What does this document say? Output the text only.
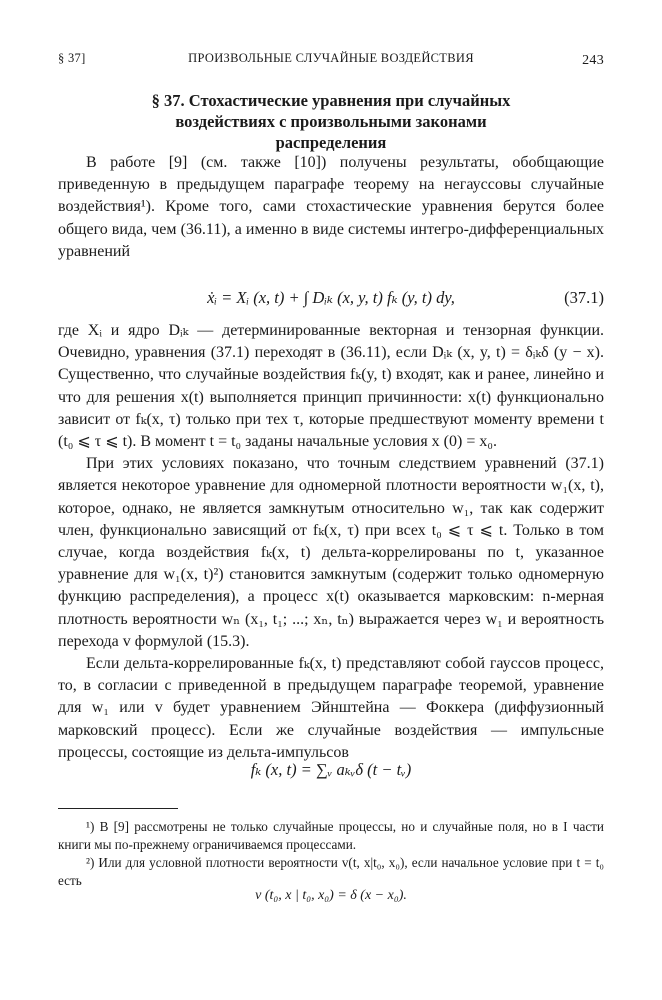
§ 37]	ПРОИЗВОЛЬНЫЕ СЛУЧАЙНЫЕ ВОЗДЕЙСТВИЯ	243
§ 37. Стохастические уравнения при случайных
воздействиях с произвольными законами
распределения

В работе [9] (см. также [10]) получены результаты, обобщающие приведенную в предыдущем параграфе теорему на негауссовы случайные воздействия¹). Кроме того, сами стохастические уравнения берутся более общего вида, чем (36.11), а именно в виде системы интегро-дифференциальных уравнений

ẋᵢ = Xᵢ (x, t) + ∫ Dᵢₖ (x, y, t) fₖ (y, t) dy,	(37.1)

где Xᵢ и ядро Dᵢₖ — детерминированные векторная и тензорная функции. Очевидно, уравнения (37.1) переходят в (36.11), если Dᵢₖ (x, y, t) = δᵢₖδ (y − x). Существенно, что случайные воздействия fₖ(y, t) входят, как и ранее, линейно и что для решения x(t) выполняется принцип причинности: x(t) функционально зависит от fₖ(x, τ) только при тех τ, которые предшествуют моменту времени t (t₀ ⩽ τ ⩽ t). В момент t = t₀ заданы начальные условия x (0) = x₀.

При этих условиях показано, что точным следствием уравнений (37.1) является некоторое уравнение для одномерной плотности вероятности w₁(x, t), которое, однако, не является замкнутым относительно w₁, так как содержит член, функционально зависящий от fₖ(x, τ) при всех t₀ ⩽ τ ⩽ t. Только в том случае, когда воздействия fₖ(x, t) дельта-коррелированы по t, указанное уравнение для w₁(x, t)²) становится замкнутым (содержит только одномерную функцию распределения), а процесс x(t) оказывается марковским: n-мерная плотность вероятности wₙ (x₁, t₁; ...; xₙ, tₙ) выражается через w₁ и вероятность перехода v формулой (15.3).

Если дельта-коррелированные fₖ(x, t) представляют собой гауссов процесс, то, в согласии с приведенной в предыдущем параграфе теоремой, уравнение для w₁ или v будет уравнением Эйнштейна — Фоккера (диффузионный марковский процесс). Если же случайные воздействия — импульсные процессы, состоящие из дельта-импульсов

fₖ (x, t) = ∑ᵥ aₖᵥδ (t − tᵥ)

¹) В [9] рассмотрены не только случайные процессы, но и случайные поля, но в I части книги мы по-прежнему ограничиваемся процессами.

²) Или для условной плотности вероятности v(t, x|t₀, x₀), если начальное условие при t = t₀ есть

v (t₀, x | t₀, x₀) = δ (x − x₀).
